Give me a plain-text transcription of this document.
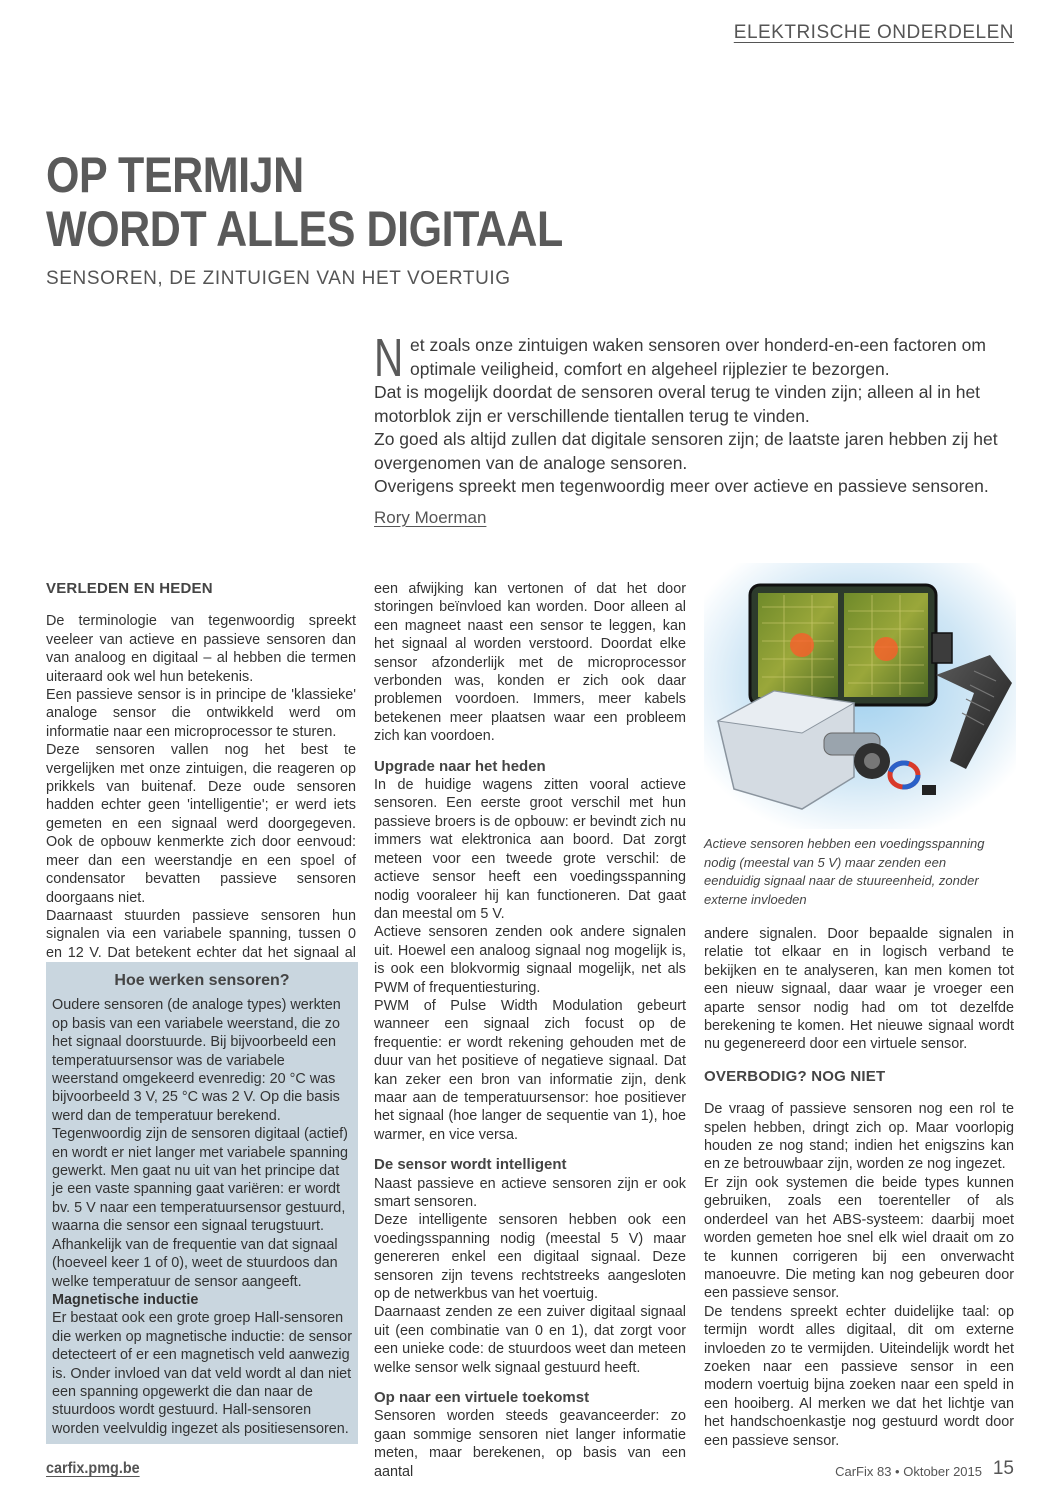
ELEKTRISCHE ONDERDELEN
OP TERMIJN
WORDT ALLES DIGITAAL
SENSOREN, DE ZINTUIGEN VAN HET VOERTUIG
N et zoals onze zintuigen waken sensoren over honderd-en-een factoren om optimale veiligheid, comfort en algeheel rijplezier te bezorgen.

Dat is mogelijk doordat de sensoren overal terug te vinden zijn; alleen al in het motorblok zijn er verschillende tientallen terug te vinden.

Zo goed als altijd zullen dat digitale sensoren zijn; de laatste jaren hebben zij het overgenomen van de analoge sensoren.

Overigens spreekt men tegenwoordig meer over actieve en passieve sensoren.

Rory Moerman

VERLEDEN EN HEDEN

De terminologie van tegenwoordig spreekt veeleer van actieve en passieve sensoren dan van analoog en digitaal – al hebben die termen uiteraard ook wel hun betekenis.

Een passieve sensor is in principe de 'klassieke' analoge sensor die ontwikkeld werd om informatie naar een microprocessor te sturen.

Deze sensoren vallen nog het best te vergelijken met onze zintuigen, die reageren op prikkels van buitenaf. Deze oude sensoren hadden echter geen 'intelligentie'; er werd iets gemeten en een signaal werd doorgegeven. Ook de opbouw kenmerkte zich door eenvoud: meer dan een weerstandje en een spoel of condensator bevatten passieve sensoren doorgaans niet.

Daarnaast stuurden passieve sensoren hun signalen via een variabele spanning, tussen 0 en 12 V. Dat betekent echter dat het signaal al

Hoe werken sensoren?

Oudere sensoren (de analoge types) werkten op basis van een variabele weerstand, die zo het signaal doorstuurde. Bij bijvoorbeeld een temperatuursensor was de variabele weerstand omgekeerd evenredig: 20 °C was bijvoorbeeld 3 V, 25 °C was 2 V. Op die basis werd dan de temperatuur berekend.

Tegenwoordig zijn de sensoren digitaal (actief) en wordt er niet langer met variabele spanning gewerkt. Men gaat nu uit van het principe dat je een vaste spanning gaat variëren: er wordt bv. 5 V naar een temperatuursensor gestuurd, waarna die sensor een signaal terugstuurt. Afhankelijk van de frequentie van dat signaal (hoeveel keer 1 of 0), weet de stuurdoos dan welke temperatuur de sensor aangeeft.

Magnetische inductie

Er bestaat ook een grote groep Hall-sensoren die werken op magnetische inductie: de sensor detecteert of er een magnetisch veld aanwezig is. Onder invloed van dat veld wordt al dan niet een spanning opgewerkt die dan naar de stuurdoos wordt gestuurd. Hall-sensoren worden veelvuldig ingezet als positiesensoren.

een afwijking kan vertonen of dat het door storingen beïnvloed kan worden. Door alleen al een magneet naast een sensor te leggen, kan het signaal al worden verstoord. Doordat elke sensor afzonderlijk met de microprocessor verbonden was, konden er zich ook daar problemen voordoen. Immers, meer kabels betekenen meer plaatsen waar een probleem zich kan voordoen.

Upgrade naar het heden

In de huidige wagens zitten vooral actieve sensoren. Een eerste groot verschil met hun passieve broers is de opbouw: er bevindt zich nu immers wat elektronica aan boord. Dat zorgt meteen voor een tweede grote verschil: de actieve sensor heeft een voedingsspanning nodig vooraleer hij kan functioneren. Dat gaat dan meestal om 5 V.

Actieve sensoren zenden ook andere signalen uit. Hoewel een analoog signaal nog mogelijk is, is ook een blokvormig signaal mogelijk, net als PWM of frequentiesturing.

PWM of Pulse Width Modulation gebeurt wanneer een signaal zich focust op de frequentie: er wordt rekening gehouden met de duur van het positieve of negatieve signaal. Dat kan zeker een bron van informatie zijn, denk maar aan de temperatuursensor: hoe positiever het signaal (hoe langer de sequentie van 1), hoe warmer, en vice versa.

De sensor wordt intelligent

Naast passieve en actieve sensoren zijn er ook smart sensoren.

Deze intelligente sensoren hebben ook een voedingsspanning nodig (meestal 5 V) maar genereren enkel een digitaal signaal. Deze sensoren zijn tevens rechtstreeks aangesloten op de netwerkbus van het voertuig.

Daarnaast zenden ze een zuiver digitaal signaal uit (een combinatie van 0 en 1), dat zorgt voor een unieke code: de stuurdoos weet dan meteen welke sensor welk signaal gestuurd heeft.

Op naar een virtuele toekomst

Sensoren worden steeds geavanceerder: zo gaan sommige sensoren niet langer informatie meten, maar berekenen, op basis van een aantal

Actieve sensoren hebben een voedingsspanning nodig (meestal van 5 V) maar zenden een eenduidig signaal naar de stuureenheid, zonder externe invloeden

andere signalen. Door bepaalde signalen in relatie tot elkaar en in logisch verband te bekijken en te analyseren, kan men komen tot een nieuw signaal, daar waar je vroeger een aparte sensor nodig had om tot dezelfde berekening te komen. Het nieuwe signaal wordt nu gegenereerd door een virtuele sensor.

OVERBODIG? NOG NIET

De vraag of passieve sensoren nog een rol te spelen hebben, dringt zich op. Maar voorlopig houden ze nog stand; indien het enigszins kan en ze betrouwbaar zijn, worden ze nog ingezet.

Er zijn ook systemen die beide types kunnen gebruiken, zoals een toerenteller of als onderdeel van het ABS-systeem: daarbij moet worden gemeten hoe snel elk wiel draait om zo te kunnen corrigeren bij een onverwacht manoeuvre. Die meting kan nog gebeuren door een passieve sensor.

De tendens spreekt echter duidelijke taal: op termijn wordt alles digitaal, dit om externe invloeden zo te vermijden. Uiteindelijk wordt het zoeken naar een passieve sensor in een modern voertuig bijna zoeken naar een speld in een hooiberg. Al merken we dat het lichtje van het handschoenkastje nog gestuurd wordt door een passieve sensor.

carfix.pmg.be	CarFix 83 • Oktober 2015 15
